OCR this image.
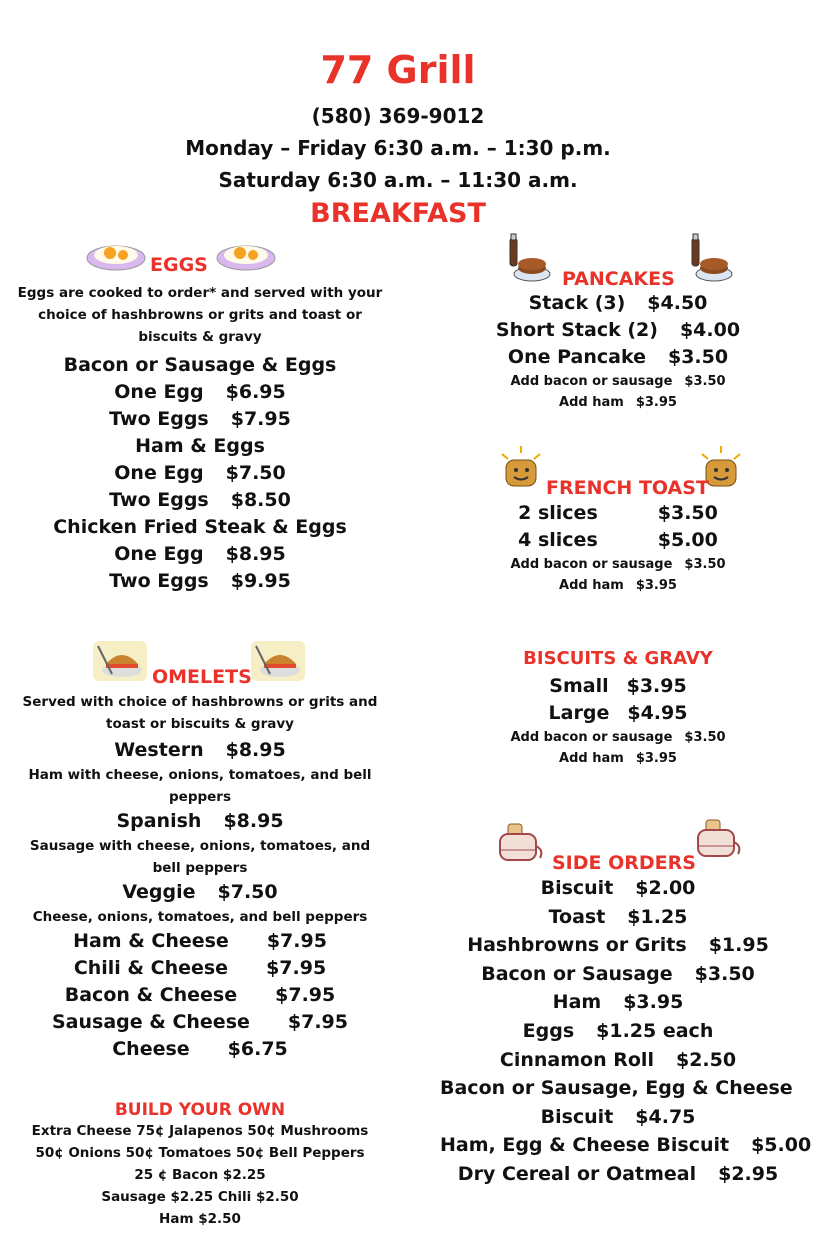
77 Grill
(580) 369-9012
Monday – Friday 6:30 a.m. – 1:30 p.m.
Saturday 6:30 a.m. – 11:30 a.m.
BREAKFAST
EGGS
Eggs are cooked to order* and served with your
choice of hashbrowns or grits and toast or
biscuits & gravy
Bacon or Sausage & Eggs
One Egg $6.95
Two Eggs $7.95
Ham & Eggs
One Egg $7.50
Two Eggs $8.50
Chicken Fried Steak & Eggs
One Egg $8.95
Two Eggs $9.95
OMELETS
Served with choice of hashbrowns or grits and
toast or biscuits & gravy
Western $8.95
Ham with cheese, onions, tomatoes, and bell
peppers
Spanish $8.95
Sausage with cheese, onions, tomatoes, and
bell peppers
Veggie $7.50
Cheese, onions, tomatoes, and bell peppers
Ham & Cheese $7.95
Chili & Cheese $7.95
Bacon & Cheese $7.95
Sausage & Cheese $7.95
Cheese $6.75
BUILD YOUR OWN
Extra Cheese 75¢ Jalapenos 50¢ Mushrooms
50¢ Onions 50¢ Tomatoes 50¢ Bell Peppers
25 ¢ Bacon $2.25
Sausage $2.25 Chili $2.50
Ham $2.50
PANCAKES
Stack (3) $4.50
Short Stack (2) $4.00
One Pancake $3.50
Add bacon or sausage $3.50
Add ham $3.95
FRENCH TOAST
2 slices	$3.50
4 slices	$5.00
Add bacon or sausage $3.50
Add ham $3.95
BISCUITS & GRAVY
Small $3.95
Large $4.95
Add bacon or sausage $3.50
Add ham $3.95
SIDE ORDERS
Biscuit $2.00
Toast $1.25
Hashbrowns or Grits $1.95
Bacon or Sausage $3.50
Ham $3.95
Eggs $1.25 each
Cinnamon Roll $2.50
Bacon or Sausage, Egg & Cheese
Biscuit $4.75
Ham, Egg & Cheese Biscuit $5.00
Dry Cereal or Oatmeal $2.95
